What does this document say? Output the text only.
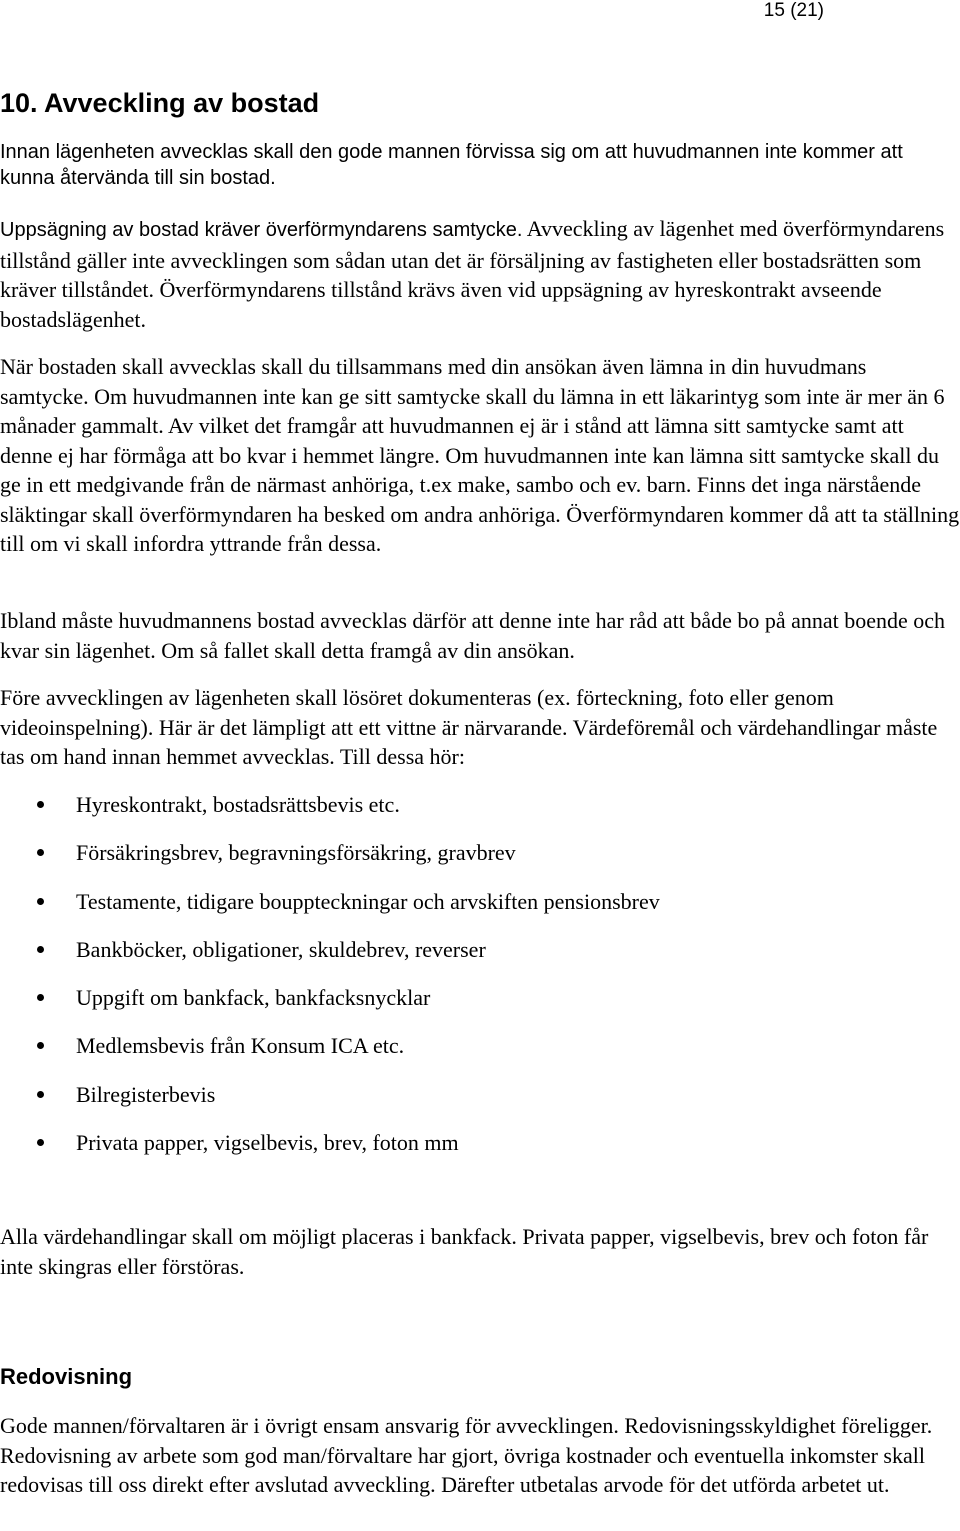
15 (21)
10. Avveckling av bostad

Innan lägenheten avvecklas skall den gode mannen förvissa sig om att huvudmannen inte kommer att kunna återvända till sin bostad.

Uppsägning av bostad kräver överförmyndarens samtycke. Avveckling av lägenhet med överförmyndarens tillstånd gäller inte avvecklingen som sådan utan det är försäljning av fastigheten eller bostadsrätten som kräver tillståndet. Överförmyndarens tillstånd krävs även vid uppsägning av hyreskontrakt avseende bostadslägenhet.

När bostaden skall avvecklas skall du tillsammans med din ansökan även lämna in din huvudmans samtycke. Om huvudmannen inte kan ge sitt samtycke skall du lämna in ett läkarintyg som inte är mer än 6 månader gammalt. Av vilket det framgår att huvudmannen ej är i stånd att lämna sitt samtycke samt att denne ej har förmåga att bo kvar i hemmet längre. Om huvudmannen inte kan lämna sitt samtycke skall du ge in ett medgivande från de närmast anhöriga, t.ex make, sambo och ev. barn. Finns det inga närstående släktingar skall överförmyndaren ha besked om andra anhöriga. Överförmyndaren kommer då att ta ställning till om vi skall infordra yttrande från dessa.

Ibland måste huvudmannens bostad avvecklas därför att denne inte har råd att både bo på annat boende och kvar sin lägenhet. Om så fallet skall detta framgå av din ansökan.

Före avvecklingen av lägenheten skall lösöret dokumenteras (ex. förteckning, foto eller genom videoinspelning). Här är det lämpligt att ett vittne är närvarande. Värdeföremål och värdehandlingar måste tas om hand innan hemmet avvecklas. Till dessa hör:

Hyreskontrakt, bostadsrättsbevis etc.
Försäkringsbrev, begravningsförsäkring, gravbrev
Testamente, tidigare bouppteckningar och arvskiften pensionsbrev
Bankböcker, obligationer, skuldebrev, reverser
Uppgift om bankfack, bankfacksnycklar
Medlemsbevis från Konsum ICA etc.
Bilregisterbevis
Privata papper, vigselbevis, brev, foton mm

Alla värdehandlingar skall om möjligt placeras i bankfack. Privata papper, vigselbevis, brev och foton får inte skingras eller förstöras.

Redovisning

Gode mannen/förvaltaren är i övrigt ensam ansvarig för avvecklingen. Redovisningsskyldighet föreligger. Redovisning av arbete som god man/förvaltare har gjort, övriga kostnader och eventuella inkomster skall redovisas till oss direkt efter avslutad avveckling. Därefter utbetalas arvode för det utförda arbetet ut.
